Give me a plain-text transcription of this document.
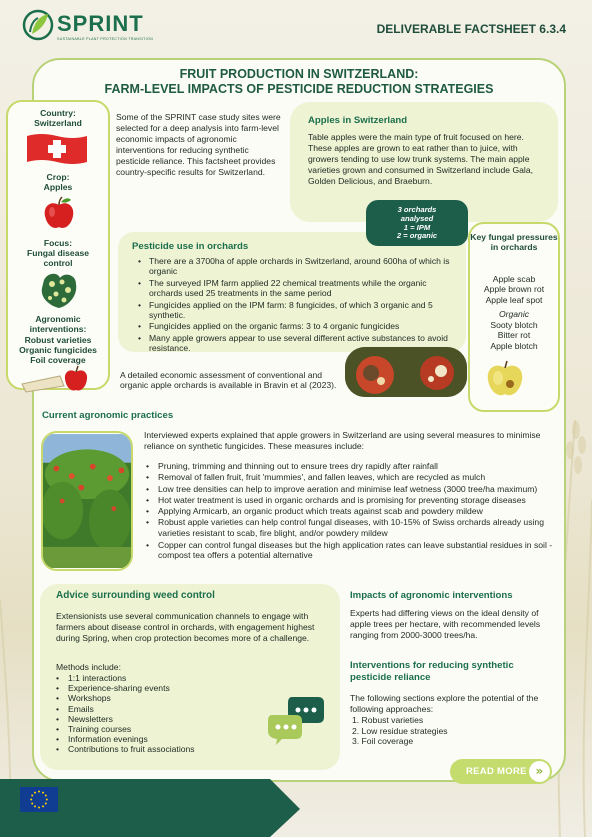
SPRINT
SUSTAINABLE PLANT PROTECTION TRANSITION
DELIVERABLE FACTSHEET 6.3.4
FRUIT PRODUCTION IN SWITZERLAND:
FARM-LEVEL IMPACTS OF PESTICIDE REDUCTION STRATEGIES
Country:
Switzerland
Crop:
Apples
Focus:
Fungal disease
control
Agronomic
interventions:
Robust varieties
Organic fungicides
Foil coverage
Some of the SPRINT case study sites were selected for a deep analysis into farm-level economic impacts of agronomic interventions for reducing synthetic pesticide reliance. This factsheet provides country-specific results for Switzerland.
Apples in Switzerland
Table apples were the main type of fruit focused on here. These apples are grown to eat rather than to juice, with growers tending to use low trunk systems. The main apple varieties grown and consumed in Switzerland include Gala, Golden Delicious, and Braeburn.
Pesticide use in orchards
• There are a 3700ha of apple orchards in Switzerland, around 600ha of which is organic
• The surveyed IPM farm applied 22 chemical treatments while the organic orchards used 25 treatments in the same period
• Fungicides applied on the IPM farm: 8 fungicides, of which 3 organic and 5 synthetic.
• Fungicides applied on the organic farms: 3 to 4 organic fungicides
• Many apple growers appear to use several different active substances to avoid resistance.
3 orchards
analysed
1 = IPM
2 = organic	Key fungal pressures in orchards
Apple scab
Apple brown rot
Apple leaf spot
Organic
Sooty blotch
Bitter rot
Apple blotch
A detailed economic assessment of conventional and organic apple orchards is available in Bravin et al (2023).
Current agronomic practices
Interviewed experts explained that apple growers in Switzerland are using several measures to minimise reliance on synthetic fungicides. These measures include:
• Pruning, trimming and thinning out to ensure trees dry rapidly after rainfall
• Removal of fallen fruit, fruit 'mummies', and fallen leaves, which are recycled as mulch
• Low tree densities can help to improve aeration and minimise leaf wetness (3000 tree/ha maximum)
• Hot water treatment is used in organic orchards and is promising for preventing storage diseases
• Applying Armicarb, an organic product which treats against scab and powdery mildew
• Robust apple varieties can help control fungal diseases, with 10-15% of Swiss orchards already using varieties resistant to scab, fire blight, and/or powdery mildew
• Copper can control fungal diseases but the high application rates can leave substantial residues in soil - compost tea offers a potential alternative
Advice surrounding weed control
Extensionists use several communication channels to engage with farmers about disease control in orchards, with engagement highest during Spring, when crop protection becomes more of a challenge.
Methods include:
• 1:1 interactions
• Experience-sharing events
• Workshops
• Emails
• Newsletters
• Training courses
• Information evenings
• Contributions to fruit associations
Impacts of agronomic interventions
Experts had differing views on the ideal density of apple trees per hectare, with recommended levels ranging from 2000-3000 trees/ha.
Interventions for reducing synthetic pesticide reliance
The following sections explore the potential of the following approaches:
1. Robust varieties
2. Low residue strategies
3. Foil coverage
READ MORE »
